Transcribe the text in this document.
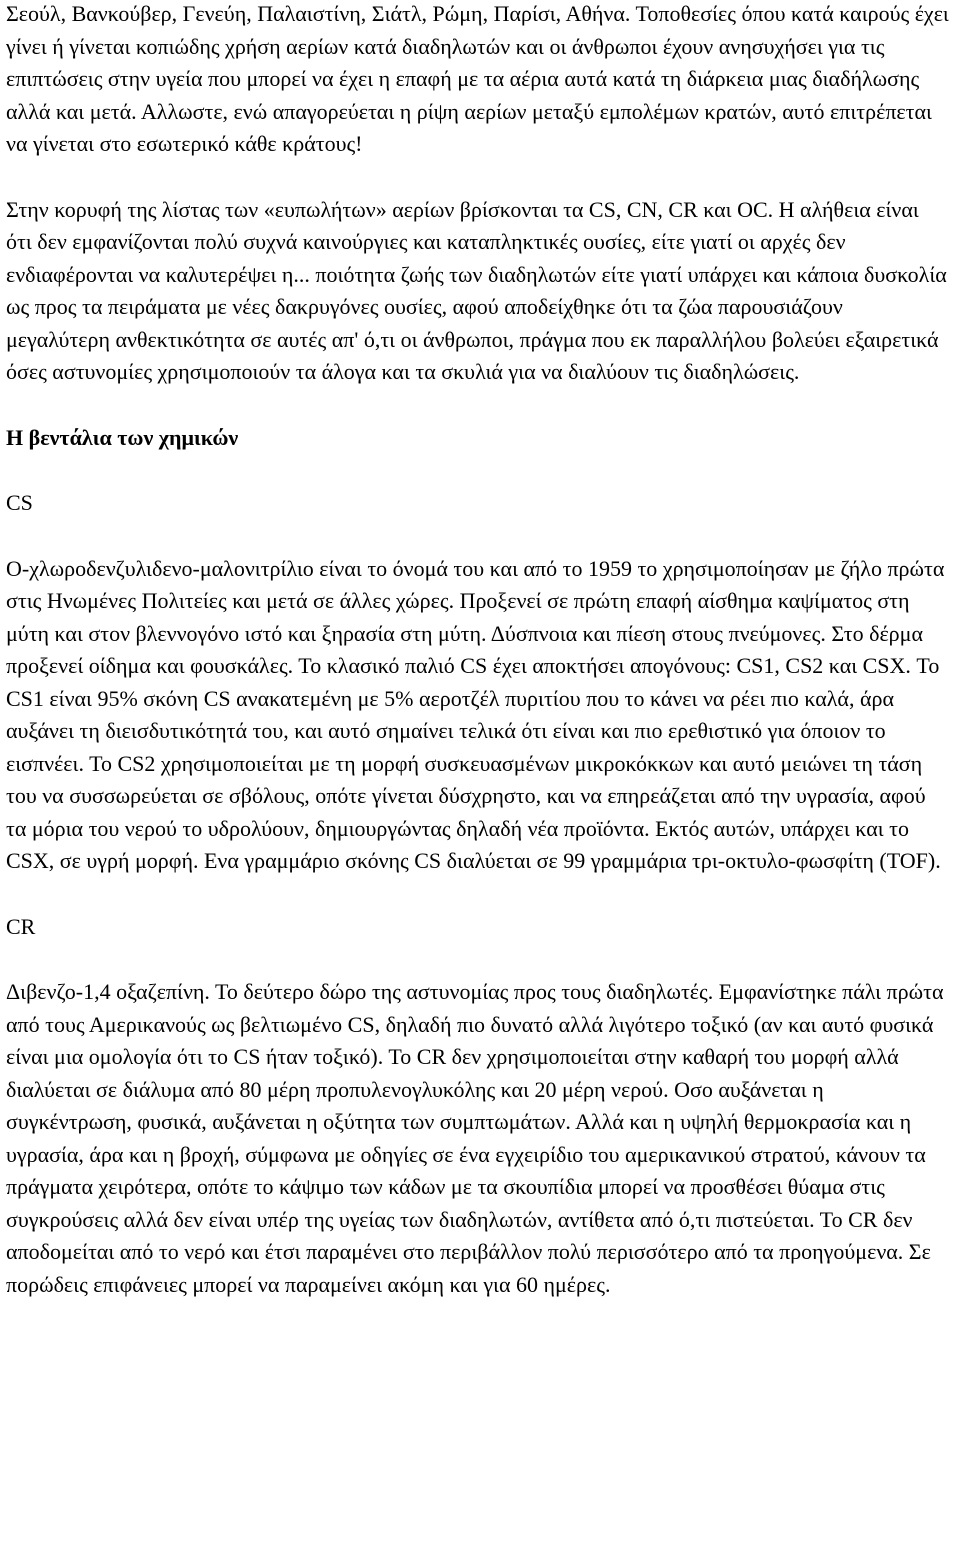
Σεούλ, Βανκούβερ, Γενεύη, Παλαιστίνη, Σιάτλ, Ρώμη, Παρίσι, Αθήνα. Τοποθεσίες όπου κατά καιρούς έχει γίνει ή γίνεται κοπιώδης χρήση αερίων κατά διαδηλωτών και οι άνθρωποι έχουν ανησυχήσει για τις επιπτώσεις στην υγεία που μπορεί να έχει η επαφή με τα αέρια αυτά κατά τη διάρκεια μιας διαδήλωσης αλλά και μετά. Αλλωστε, ενώ απαγορεύεται η ρίψη αερίων μεταξύ εμπολέμων κρατών, αυτό επιτρέπεται να γίνεται στο εσωτερικό κάθε κράτους!

Στην κορυφή της λίστας των «ευπωλήτων» αερίων βρίσκονται τα CS, CN, CR και OC. Η αλήθεια είναι ότι δεν εμφανίζονται πολύ συχνά καινούργιες και καταπληκτικές ουσίες, είτε γιατί οι αρχές δεν ενδιαφέρονται να καλυτερέψει η... ποιότητα ζωής των διαδηλωτών είτε γιατί υπάρχει και κάποια δυσκολία ως προς τα πειράματα με νέες δακρυγόνες ουσίες, αφού αποδείχθηκε ότι τα ζώα παρουσιάζουν μεγαλύτερη ανθεκτικότητα σε αυτές απ' ό,τι οι άνθρωποι, πράγμα που εκ παραλλήλου βολεύει εξαιρετικά όσες αστυνομίες χρησιμοποιούν τα άλογα και τα σκυλιά για να διαλύουν τις διαδηλώσεις.

Η βεντάλια των χημικών
CS

Ο-χλωροδενζυλιδενο-μαλονιτρίλιο είναι το όνομά του και από το 1959 το χρησιμοποίησαν με ζήλο πρώτα στις Ηνωμένες Πολιτείες και μετά σε άλλες χώρες. Προξενεί σε πρώτη επαφή αίσθημα καψίματος στη μύτη και στον βλεννογόνο ιστό και ξηρασία στη μύτη. Δύσπνοια και πίεση στους πνεύμονες. Στο δέρμα προξενεί οίδημα και φουσκάλες. Το κλασικό παλιό CS έχει αποκτήσει απογόνους: CS1, CS2 και CSX. Το CS1 είναι 95% σκόνη CS ανακατεμένη με 5% αεροτζέλ πυριτίου που το κάνει να ρέει πιο καλά, άρα αυξάνει τη διεισδυτικότητά του, και αυτό σημαίνει τελικά ότι είναι και πιο ερεθιστικό για όποιον το εισπνέει. Το CS2 χρησιμοποιείται με τη μορφή συσκευασμένων μικροκόκκων και αυτό μειώνει τη τάση του να συσσωρεύεται σε σβόλους, οπότε γίνεται δύσχρηστο, και να επηρεάζεται από την υγρασία, αφού τα μόρια του νερού το υδρολύουν, δημιουργώντας δηλαδή νέα προϊόντα. Εκτός αυτών, υπάρχει και το CSX, σε υγρή μορφή. Ενα γραμμάριο σκόνης CS διαλύεται σε 99 γραμμάρια τρι-οκτυλο-φωσφίτη (TOF).

CR

Διβενζο-1,4 οξαζεπίνη. Το δεύτερο δώρο της αστυνομίας προς τους διαδηλωτές. Εμφανίστηκε πάλι πρώτα από τους Αμερικανούς ως βελτιωμένο CS, δηλαδή πιο δυνατό αλλά λιγότερο τοξικό (αν και αυτό φυσικά είναι μια ομολογία ότι το CS ήταν τοξικό). Το CR δεν χρησιμοποιείται στην καθαρή του μορφή αλλά διαλύεται σε διάλυμα από 80 μέρη προπυλενογλυκόλης και 20 μέρη νερού. Οσο αυξάνεται η συγκέντρωση, φυσικά, αυξάνεται η οξύτητα των συμπτωμάτων. Αλλά και η υψηλή θερμοκρασία και η υγρασία, άρα και η βροχή, σύμφωνα με οδηγίες σε ένα εγχειρίδιο του αμερικανικού στρατού, κάνουν τα πράγματα χειρότερα, οπότε το κάψιμο των κάδων με τα σκουπίδια μπορεί να προσθέσει θύαμα στις συγκρούσεις αλλά δεν είναι υπέρ της υγείας των διαδηλωτών, αντίθετα από ό,τι πιστεύεται. Το CR δεν αποδομείται από το νερό και έτσι παραμένει στο περιβάλλον πολύ περισσότερο από τα προηγούμενα. Σε πορώδεις επιφάνειες μπορεί να παραμείνει ακόμη και για 60 ημέρες.
